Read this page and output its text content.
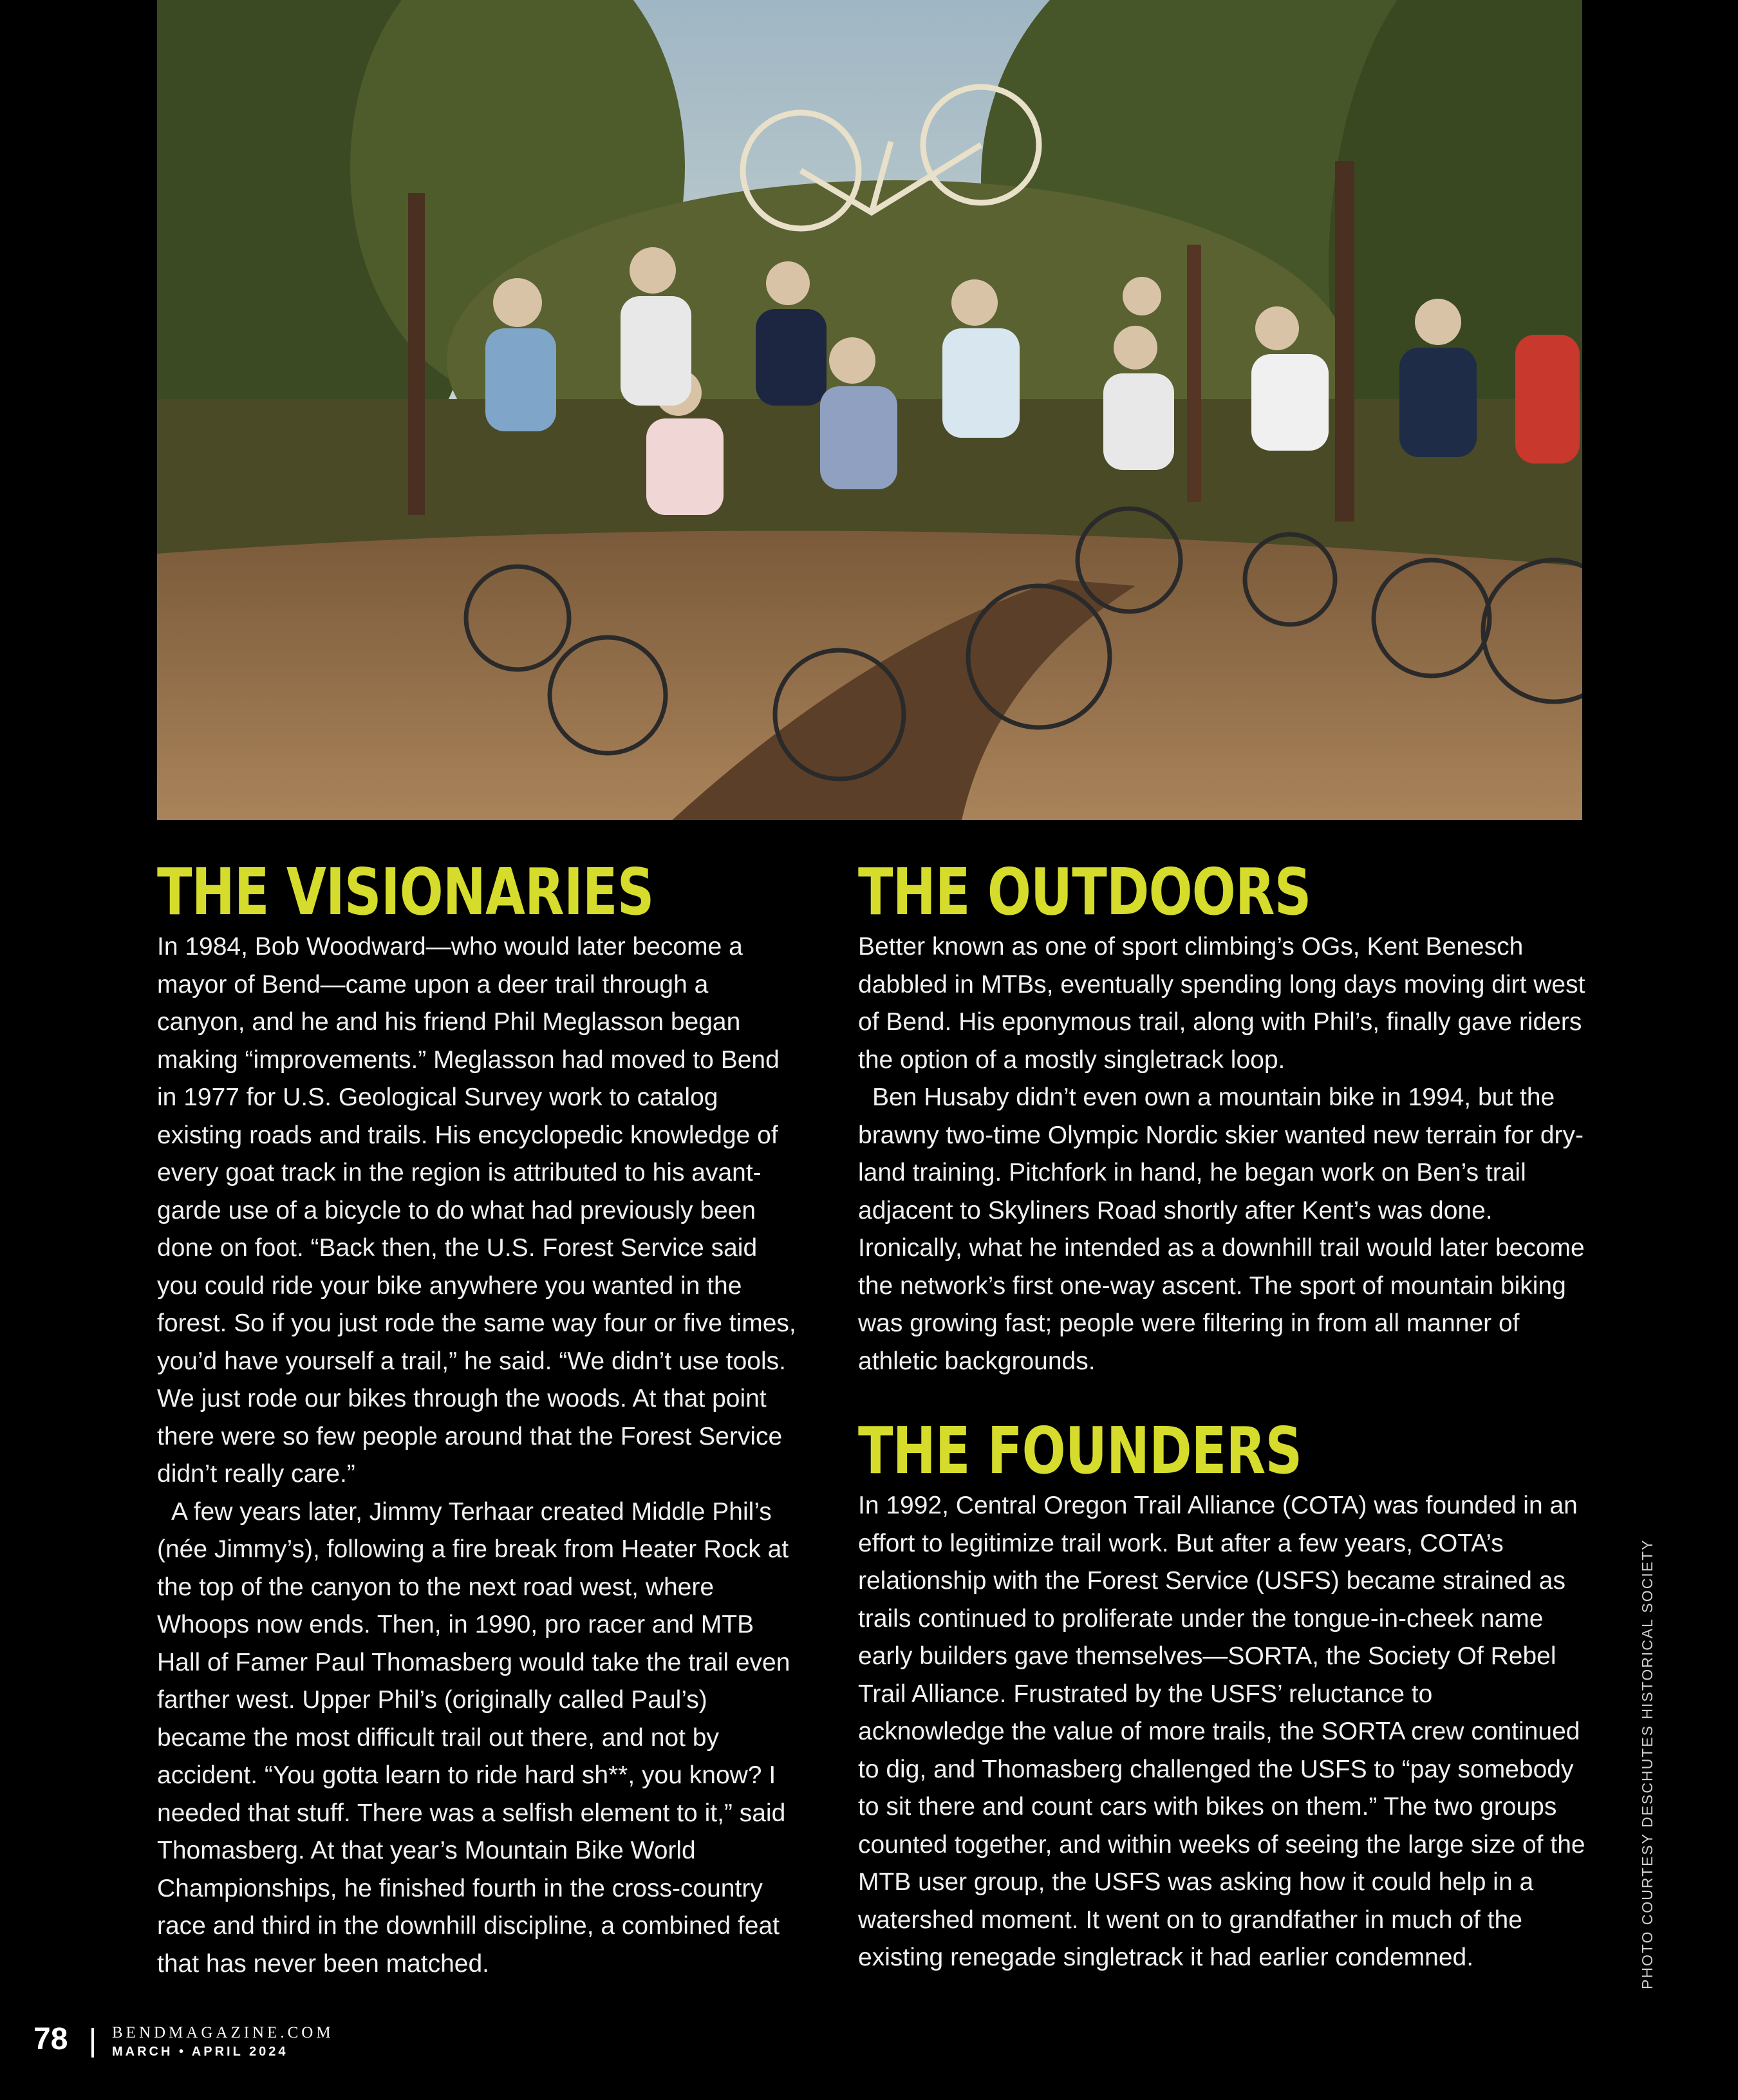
THE VISIONARIES

In 1984, Bob Woodward—who would later become a mayor of Bend—came upon a deer trail through a canyon, and he and his friend Phil Meglasson began making “improvements.” Meglasson had moved to Bend in 1977 for U.S. Geological Survey work to catalog existing roads and trails. His encyclopedic knowledge of every goat track in the region is attributed to his avant-garde use of a bicycle to do what had previously been done on foot. “Back then, the U.S. Forest Service said you could ride your bike anywhere you wanted in the forest. So if you just rode the same way four or five times, you’d have yourself a trail,” he said. “We didn’t use tools. We just rode our bikes through the woods. At that point there were so few people around that the Forest Service didn’t really care.”

A few years later, Jimmy Terhaar created Middle Phil’s (née Jimmy’s), following a fire break from Heater Rock at the top of the canyon to the next road west, where Whoops now ends. Then, in 1990, pro racer and MTB Hall of Famer Paul Thomasberg would take the trail even farther west. Upper Phil’s (originally called Paul’s) became the most difficult trail out there, and not by accident. “You gotta learn to ride hard sh**, you know? I needed that stuff. There was a selfish element to it,” said Thomasberg. At that year’s Mountain Bike World Championships, he finished fourth in the cross-country race and third in the downhill discipline, a combined feat that has never been matched.

THE OUTDOORS

Better known as one of sport climbing’s OGs, Kent Benesch dabbled in MTBs, eventually spending long days moving dirt west of Bend. His eponymous trail, along with Phil’s, finally gave riders the option of a mostly singletrack loop.

Ben Husaby didn’t even own a mountain bike in 1994, but the brawny two-time Olympic Nordic skier wanted new terrain for dry-land training. Pitchfork in hand, he began work on Ben’s trail adjacent to Skyliners Road shortly after Kent’s was done. Ironically, what he intended as a downhill trail would later become the network’s first one-way ascent. The sport of mountain biking was growing fast; people were filtering in from all manner of athletic backgrounds.

THE FOUNDERS

In 1992, Central Oregon Trail Alliance (COTA) was founded in an effort to legitimize trail work. But after a few years, COTA’s relationship with the Forest Service (USFS) became strained as trails continued to proliferate under the tongue-in-cheek name early builders gave themselves—SORTA, the Society Of Rebel Trail Alliance. Frustrated by the USFS’ reluctance to acknowledge the value of more trails, the SORTA crew continued to dig, and Thomasberg challenged the USFS to “pay somebody to sit there and count cars with bikes on them.” The two groups counted together, and within weeks of seeing the large size of the MTB user group, the USFS was asking how it could help in a watershed moment. It went on to grandfather in much of the existing renegade singletrack it had earlier condemned.	PHOTO COURTESY DESCHUTES HISTORICAL SOCIETY
78	BENDMAGAZINE.COM
MARCH • APRIL 2024
